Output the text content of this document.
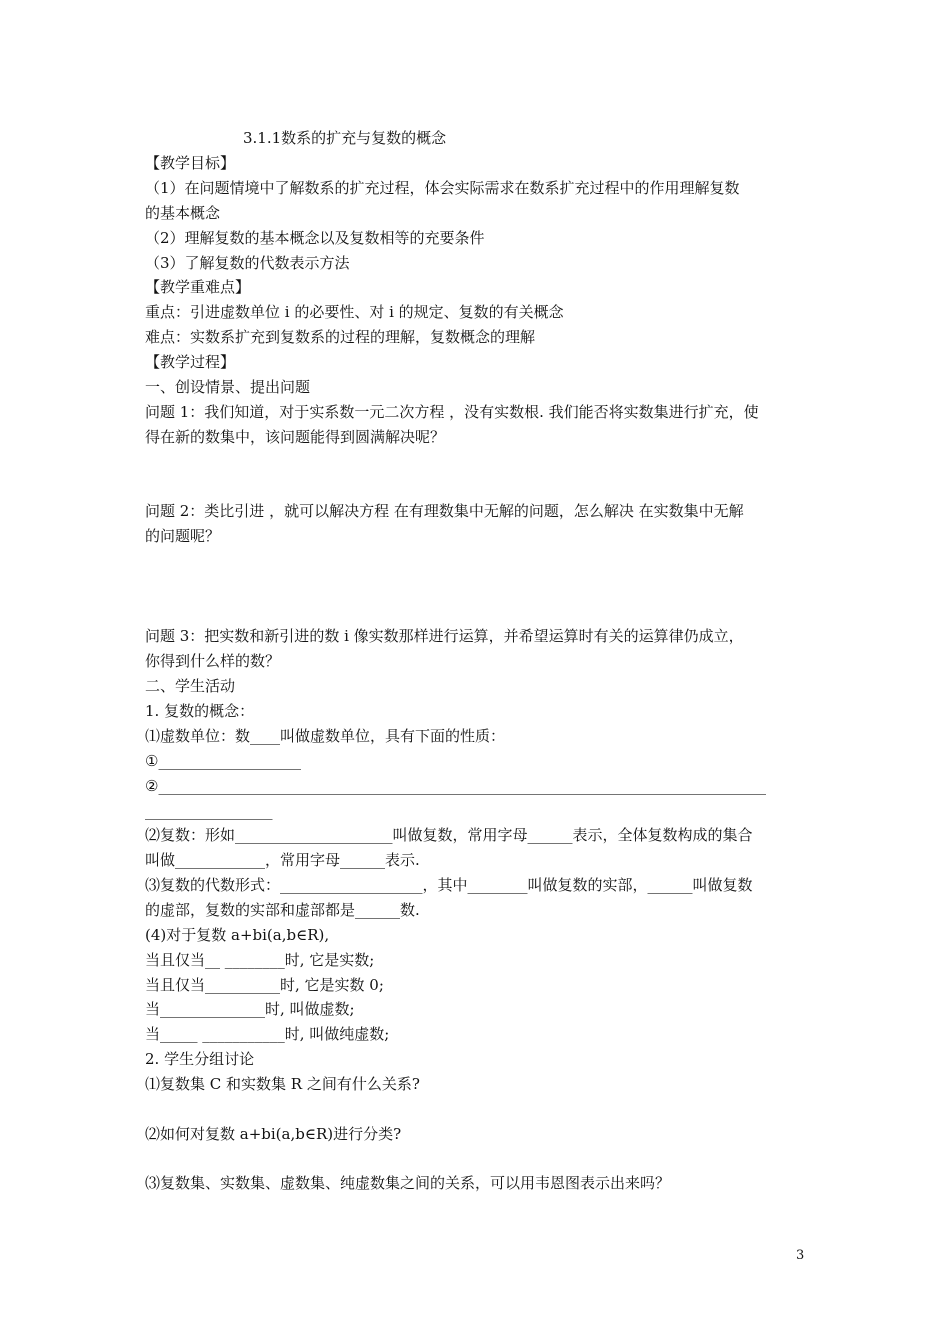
3.1.1数系的扩充与复数的概念
【教学目标】
（1）在问题情境中了解数系的扩充过程，体会实际需求在数系扩充过程中的作用理解复数
的基本概念
（2）理解复数的基本概念以及复数相等的充要条件
（3）了解复数的代数表示方法
【教学重难点】
重点：引进虚数单位 i 的必要性、对 i 的规定、复数的有关概念
难点：实数系扩充到复数系的过程的理解，复数概念的理解
【教学过程】
一、创设情景、提出问题
问题 1：我们知道，对于实系数一元二次方程 ，没有实数根. 我们能否将实数集进行扩充，使
得在新的数集中，该问题能得到圆满解决呢？
问题 2：类比引进 ，就可以解决方程 在有理数集中无解的问题，怎么解决 在实数集中无解
的问题呢？
问题 3：把实数和新引进的数 i 像实数那样进行运算，并希望运算时有关的运算律仍成立，
你得到什么样的数？
二、学生活动
1. 复数的概念：
⑴虚数单位：数____叫做虚数单位，具有下面的性质：
①___________________
②_________________________________________________________________________________
_________________
⑵复数：形如_____________________叫做复数，常用字母______表示，全体复数构成的集合
叫做____________，常用字母______表示.
⑶复数的代数形式：___________________，其中________叫做复数的实部，______叫做复数
的虚部，复数的实部和虚部都是______数.
(4)对于复数 a+bi(a,b∈R),
当且仅当__ ________时, 它是实数;
当且仅当__________时, 它是实数 0;
当______________时, 叫做虚数;
当_____ ___________时, 叫做纯虚数;
2. 学生分组讨论
⑴复数集 C 和实数集 R 之间有什么关系?
⑵如何对复数 a+bi(a,b∈R)进行分类?
⑶复数集、实数集、虚数集、纯虚数集之间的关系，可以用韦恩图表示出来吗？
3
